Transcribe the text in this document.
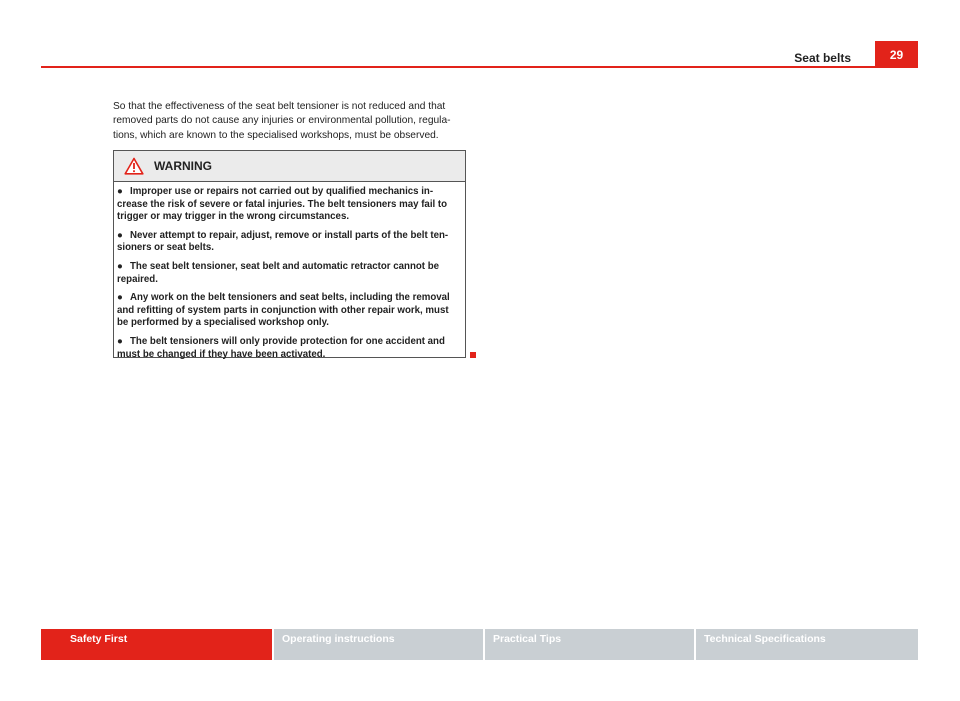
Seat belts	29

So that the effectiveness of the seat belt tensioner is not reduced and that removed parts do not cause any injuries or environmental pollution, regula-tions, which are known to the specialised workshops, must be observed.

WARNING
● Improper use or repairs not carried out by qualified mechanics in-crease the risk of severe or fatal injuries. The belt tensioners may fail to trigger or may trigger in the wrong circumstances.
● Never attempt to repair, adjust, remove or install parts of the belt ten-sioners or seat belts.
● The seat belt tensioner, seat belt and automatic retractor cannot be repaired.
● Any work on the belt tensioners and seat belts, including the removal and refitting of system parts in conjunction with other repair work, must be performed by a specialised workshop only.
● The belt tensioners will only provide protection for one accident and must be changed if they have been activated.
Safety First	Operating instructions	Practical Tips	Technical Specifications
